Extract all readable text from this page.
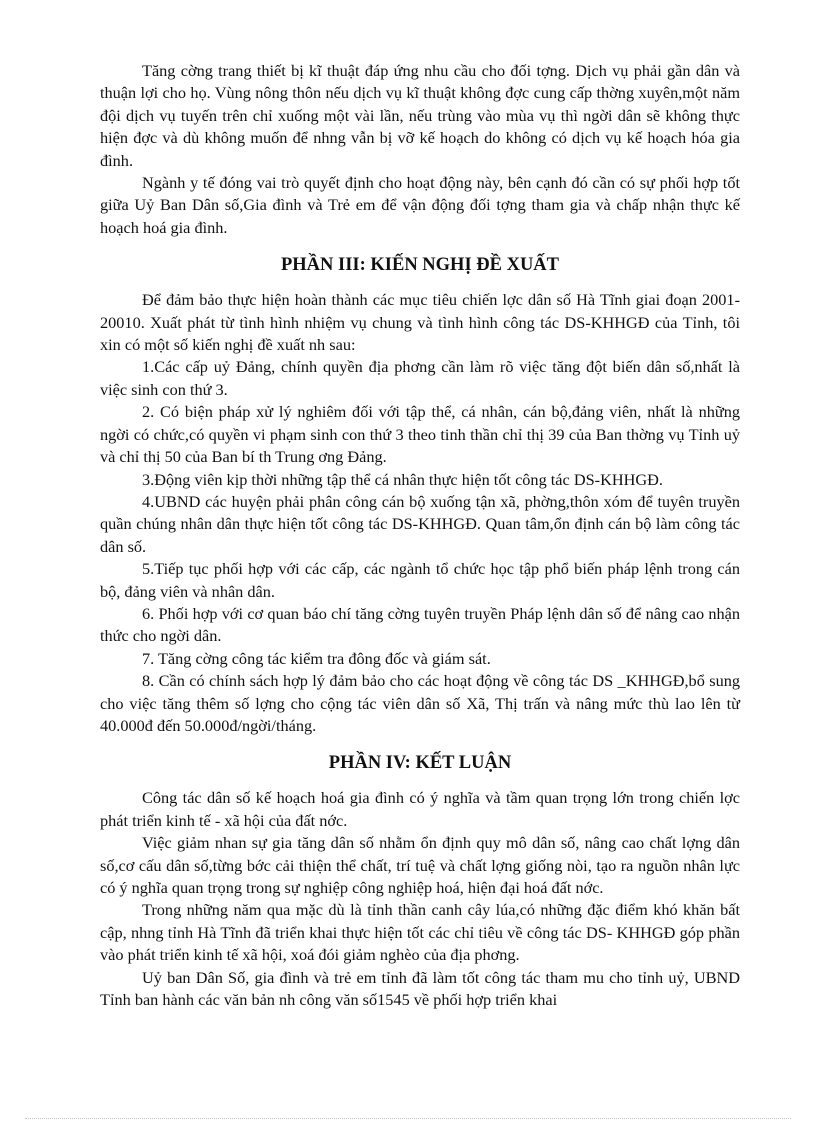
Tăng cờng trang thiết bị kĩ thuật đáp ứng nhu cầu cho đối tợng. Dịch vụ phải gần dân và thuận lợi cho họ. Vùng nông thôn nếu dịch vụ kĩ thuật không đợc cung cấp thờng xuyên,một năm đội dịch vụ tuyến trên chỉ xuống một vài lần, nếu trùng vào mùa vụ thì ngời dân sẽ không thực hiện đợc và dù không muốn để nhng vẫn bị vỡ kế hoạch do không có dịch vụ kế hoạch hóa gia đình.

Ngành y tế đóng vai trò quyết định cho hoạt động này, bên cạnh đó cần có sự phối hợp tốt giữa Uỷ Ban Dân số,Gia đình và Trẻ em để vận động đối tợng tham gia và chấp nhận thực kế hoạch hoá gia đình.

PHẦN III: KIẾN NGHỊ ĐỀ XUẤT

Để đảm bảo thực hiện hoàn thành các mục tiêu chiến lợc dân số Hà Tĩnh giai đoạn 2001-20010. Xuất phát từ tình hình nhiệm vụ chung và tình hình công tác DS-KHHGĐ của Tỉnh, tôi xin có một số kiến nghị đề xuất nh sau:

1.Các cấp uỷ Đảng, chính quyền địa phơng cần làm rõ việc tăng đột biến dân số,nhất là việc sinh con thứ 3.

2. Có biện pháp xử lý nghiêm đối với tập thể, cá nhân, cán bộ,đảng viên, nhất là những ngời có chức,có quyền vi phạm sinh con thứ 3 theo tinh thần chỉ thị 39 của Ban thờng vụ Tỉnh uỷ và chỉ thị 50 của Ban bí th Trung ơng Đảng.

3.Động viên kịp thời những tập thể cá nhân thực hiện tốt công tác DS-KHHGĐ.

4.UBND các huyện phải phân công cán bộ xuống tận xã, phờng,thôn xóm để tuyên truyền quần chúng nhân dân thực hiện tốt công tác DS-KHHGĐ. Quan tâm,ổn định cán bộ làm công tác dân số.

5.Tiếp tục phối hợp với các cấp, các ngành tổ chức học tập phổ biến pháp lệnh trong cán bộ, đảng viên và nhân dân.

6. Phối hợp với cơ quan báo chí tăng cờng tuyên truyền Pháp lệnh dân số để nâng cao nhận thức cho ngời dân.

7. Tăng cờng công tác kiểm tra đông đốc và giám sát.

8. Cần có chính sách hợp lý đảm bảo cho các hoạt động về công tác DS _KHHGĐ,bổ sung cho việc tăng thêm số lợng cho cộng tác viên dân số Xã, Thị trấn và nâng mức thù lao lên từ 40.000đ đến 50.000đ/ngời/tháng.

PHẦN IV: KẾT LUẬN

Công tác dân số kế hoạch hoá gia đình có ý nghĩa và tầm quan trọng lớn trong chiến lợc phát triển kinh tế - xã hội của đất nớc.

Việc giảm nhan sự gia tăng dân số nhằm ổn định quy mô dân số, nâng cao chất lợng dân số,cơ cấu dân số,từng bớc cải thiện thể chất, trí tuệ và chất lợng giống nòi, tạo ra nguồn nhân lực có ý nghĩa quan trọng trong sự nghiệp công nghiệp hoá, hiện đại hoá đất nớc.

Trong những năm qua mặc dù là tỉnh thần canh cây lúa,có những đặc điểm khó khăn bất cập, nhng tỉnh Hà Tĩnh đã triển khai thực hiện tốt các chỉ tiêu về công tác DS- KHHGĐ góp phần vào phát triển kinh tế xã hội, xoá đói giảm nghèo của địa phơng.

Uỷ ban Dân Số, gia đình và trẻ em tỉnh đã làm tốt công tác tham mu cho tỉnh uỷ, UBND Tỉnh ban hành các văn bản nh công văn số1545 về phối hợp triển khai
